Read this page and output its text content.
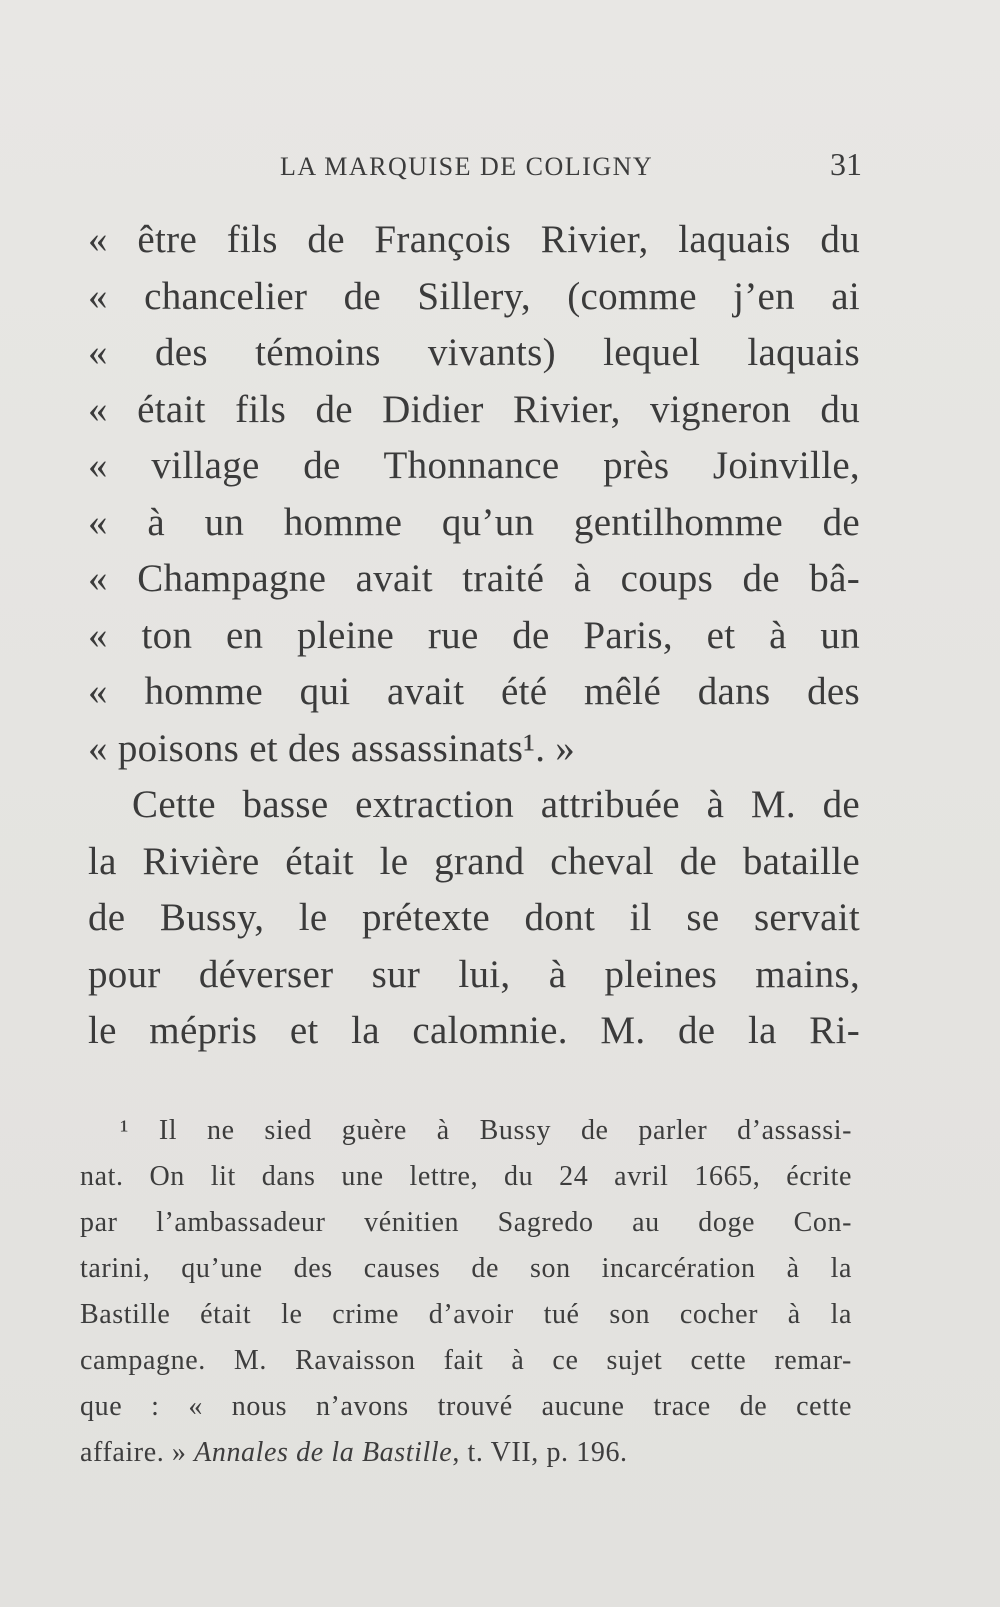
LA MARQUISE DE COLIGNY	31
« être fils de François Rivier, laquais du
« chancelier de Sillery, (comme j’en ai
« des témoins vivants) lequel laquais
« était fils de Didier Rivier, vigneron du
« village de Thonnance près Joinville,
« à un homme qu’un gentilhomme de
« Champagne avait traité à coups de bâ-
« ton en pleine rue de Paris, et à un
« homme qui avait été mêlé dans des
« poisons et des assassinats¹. »
Cette basse extraction attribuée à M. de
la Rivière était le grand cheval de bataille
de Bussy, le prétexte dont il se servait
pour déverser sur lui, à pleines mains,
le mépris et la calomnie. M. de la Ri-
¹ Il ne sied guère à Bussy de parler d’assassi-
nat. On lit dans une lettre, du 24 avril 1665, écrite
par l’ambassadeur vénitien Sagredo au doge Con-
tarini, qu’une des causes de son incarcération à la
Bastille était le crime d’avoir tué son cocher à la
campagne. M. Ravaisson fait à ce sujet cette remar-
que : « nous n’avons trouvé aucune trace de cette
affaire. » Annales de la Bastille, t. VII, p. 196.
